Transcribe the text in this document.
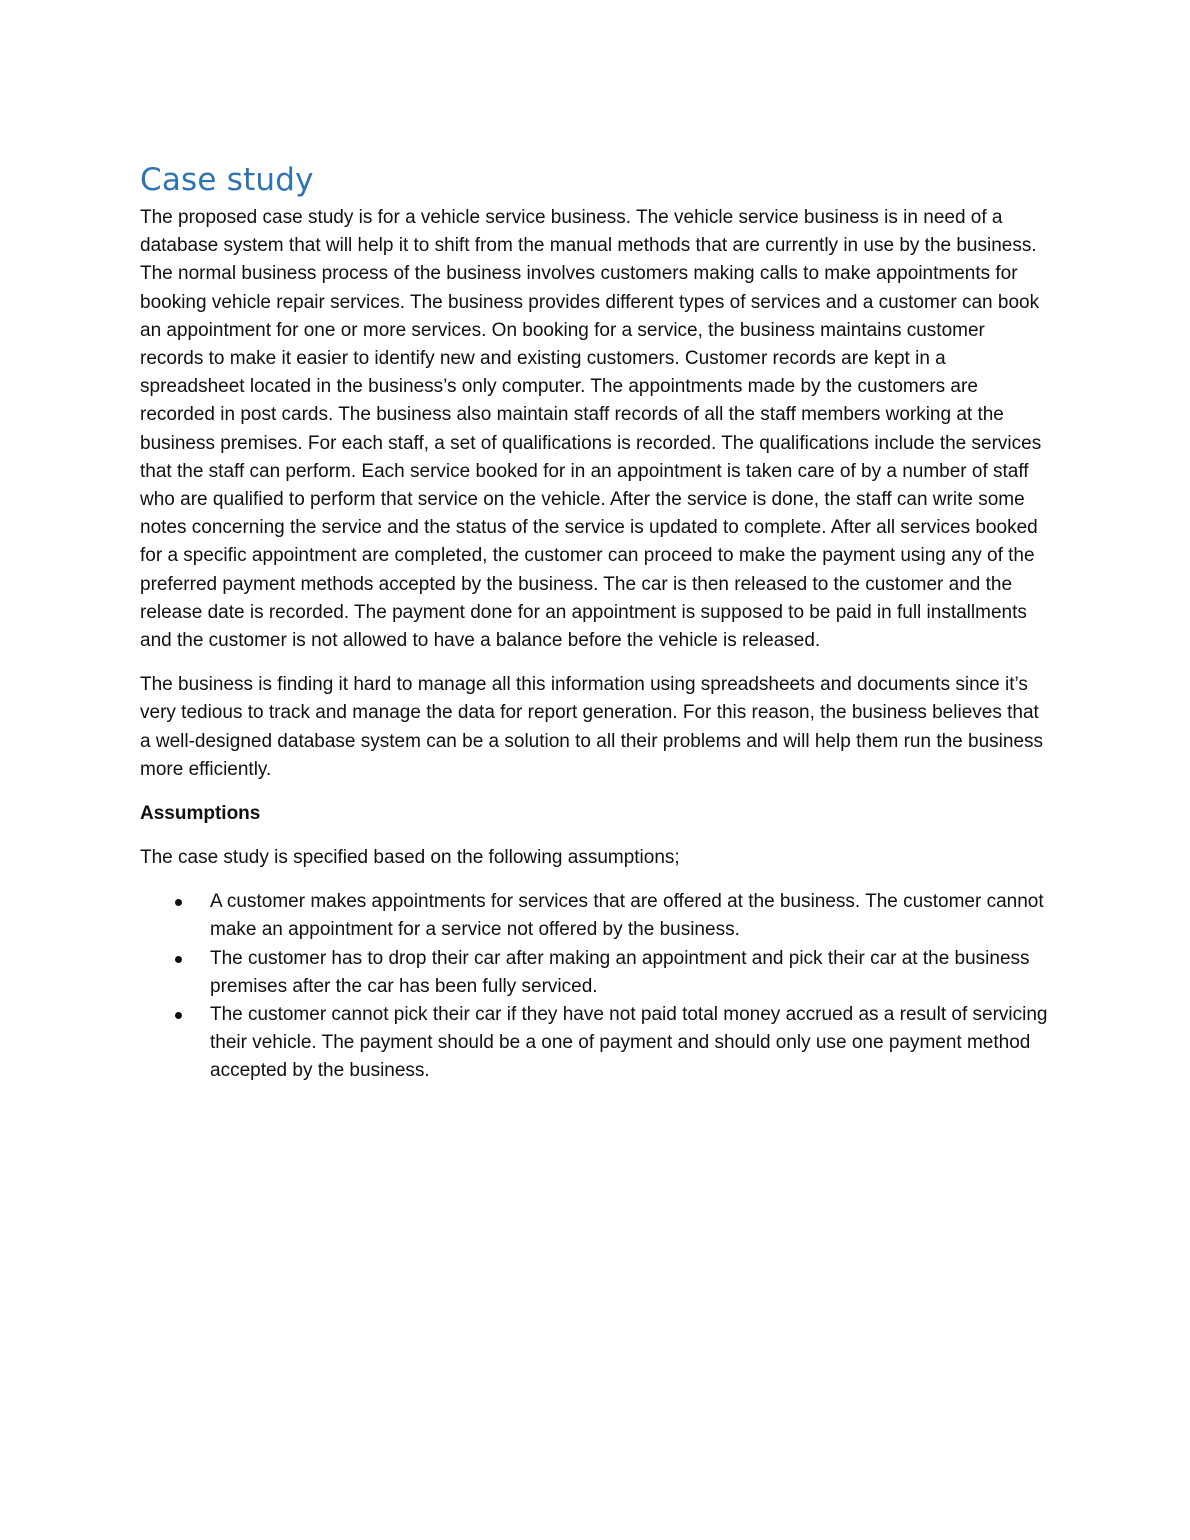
Case study

The proposed case study is for a vehicle service business. The vehicle service business is in need of a database system that will help it to shift from the manual methods that are currently in use by the business. The normal business process of the business involves customers making calls to make appointments for booking vehicle repair services. The business provides different types of services and a customer can book an appointment for one or more services. On booking for a service, the business maintains customer records to make it easier to identify new and existing customers. Customer records are kept in a spreadsheet located in the business’s only computer. The appointments made by the customers are recorded in post cards. The business also maintain staff records of all the staff members working at the business premises. For each staff, a set of qualifications is recorded. The qualifications include the services that the staff can perform. Each service booked for in an appointment is taken care of by a number of staff who are qualified to perform that service on the vehicle. After the service is done, the staff can write some notes concerning the service and the status of the service is updated to complete. After all services booked for a specific appointment are completed, the customer can proceed to make the payment using any of the preferred payment methods accepted by the business. The car is then released to the customer and the release date is recorded. The payment done for an appointment is supposed to be paid in full installments and the customer is not allowed to have a balance before the vehicle is released.

The business is finding it hard to manage all this information using spreadsheets and documents since it’s very tedious to track and manage the data for report generation. For this reason, the business believes that a well-designed database system can be a solution to all their problems and will help them run the business more efficiently.

Assumptions

The case study is specified based on the following assumptions;

A customer makes appointments for services that are offered at the business. The customer cannot make an appointment for a service not offered by the business.
The customer has to drop their car after making an appointment and pick their car at the business premises after the car has been fully serviced.
The customer cannot pick their car if they have not paid total money accrued as a result of servicing their vehicle. The payment should be a one of payment and should only use one payment method accepted by the business.
